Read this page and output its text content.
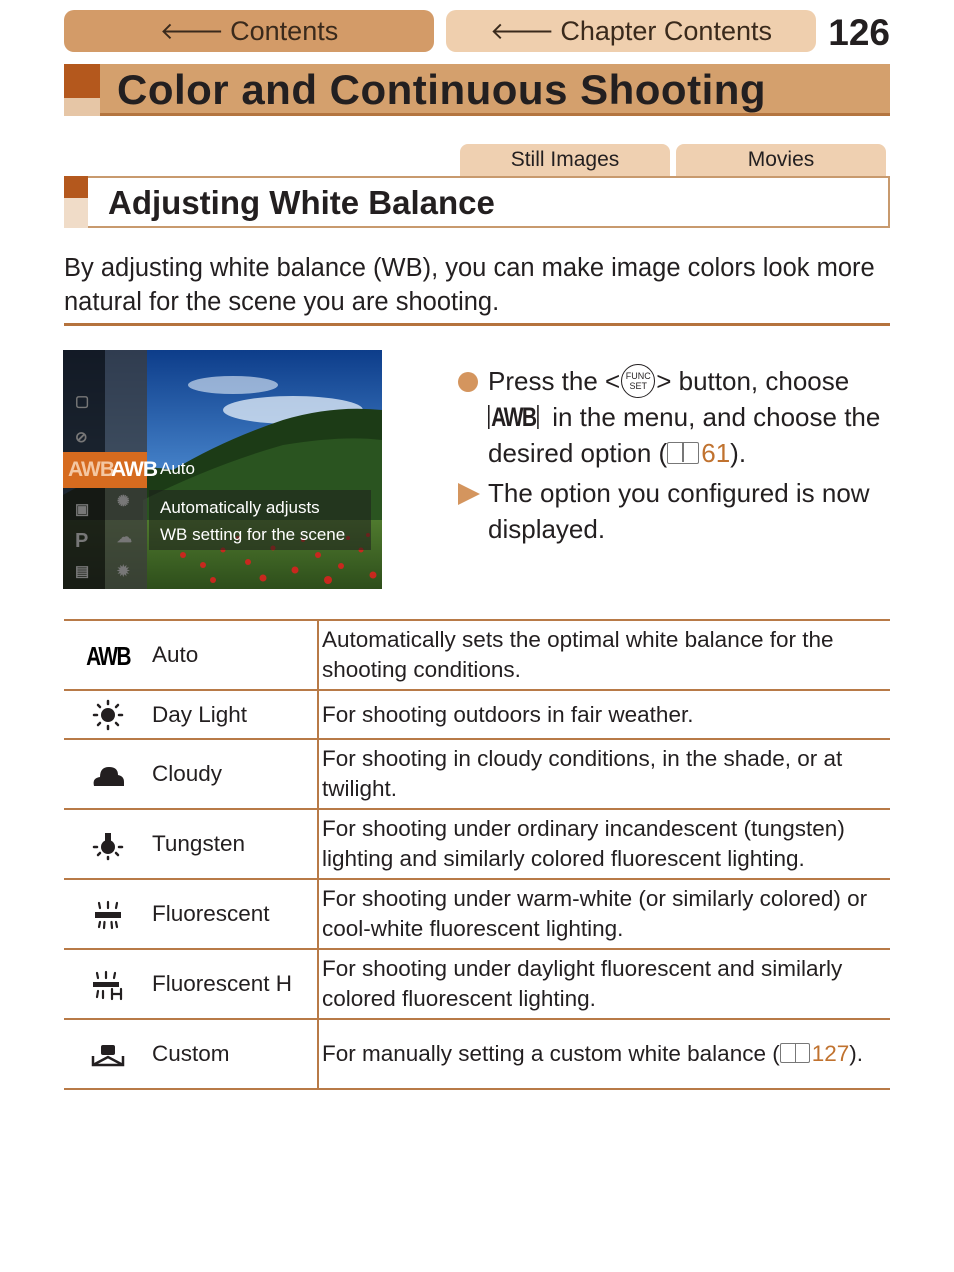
🡐 Contents	🡐 Chapter Contents 126
Color and Continuous Shooting
Still Images	Movies
Adjusting White Balance
By adjusting white balance (WB), you can make image colors look more natural for the scene you are shooting.
▢
⊘
▣
P
▤
✺
☁
✹
AWB
AWB Auto
Automatically adjusts
WB setting for the scene
Press the < FUNC
SET > button, choose
AWB in the menu, and choose the desired option ( 61).
The option you configured is now displayed.
AWB	Auto	Automatically sets the optimal white balance for the shooting conditions.
	Day Light	For shooting outdoors in fair weather.
	Cloudy	For shooting in cloudy conditions, in the shade, or at twilight.
	Tungsten	For shooting under ordinary incandescent (tungsten) lighting and similarly colored fluorescent lighting.
	Fluorescent	For shooting under warm-white (or similarly colored) or cool-white fluorescent lighting.
	Fluorescent H	For shooting under daylight fluorescent and similarly colored fluorescent lighting.
	Custom	For manually setting a custom white balance ( 127).
